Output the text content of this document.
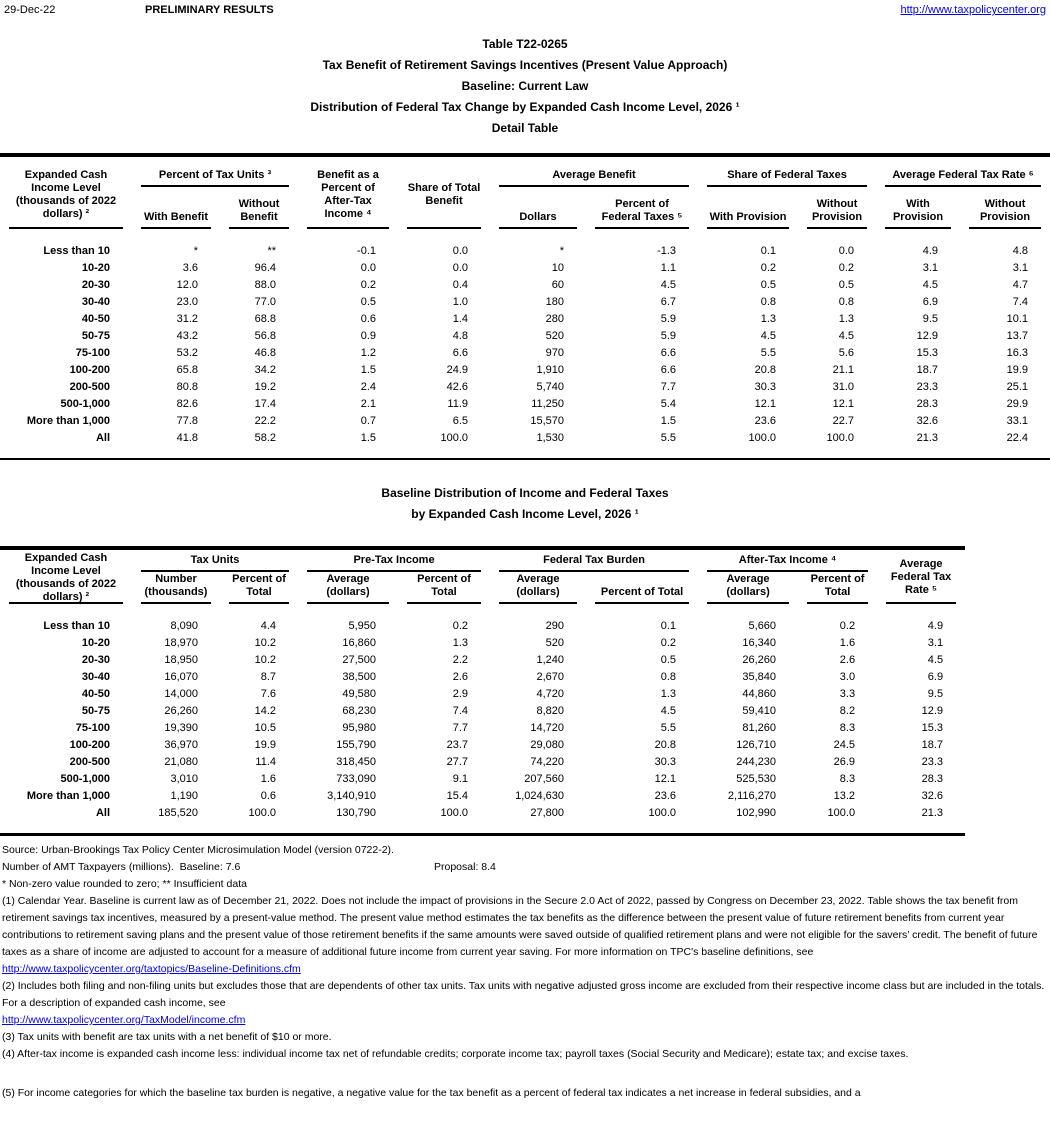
29-Dec-22	PRELIMINARY RESULTS	http://www.taxpolicycenter.org
Table T22-0265
Tax Benefit of Retirement Savings Incentives (Present Value Approach)
Baseline: Current Law
Distribution of Federal Tax Change by Expanded Cash Income Level, 2026 ¹
Detail Table
Expanded Cash Income Level (thousands of 2022 dollars) ²	Percent of Tax Units ³		Benefit as a Percent of After-Tax Income ⁴	Share of Total Benefit	Average Benefit		Share of Federal Taxes		Average Federal Tax Rate ⁶	

	With Benefit	Without Benefit			Dollars	Percent of Federal Taxes ⁵	With Provision	Without Provision	With Provision	Without Provision

Less than 10	*	**	-0.1	0.0	*	-1.3	0.1	0.0	4.9	4.8
10-20	3.6	96.4	0.0	0.0	10	1.1	0.2	0.2	3.1	3.1
20-30	12.0	88.0	0.2	0.4	60	4.5	0.5	0.5	4.5	4.7
30-40	23.0	77.0	0.5	1.0	180	6.7	0.8	0.8	6.9	7.4
40-50	31.2	68.8	0.6	1.4	280	5.9	1.3	1.3	9.5	10.1
50-75	43.2	56.8	0.9	4.8	520	5.9	4.5	4.5	12.9	13.7
75-100	53.2	46.8	1.2	6.6	970	6.6	5.5	5.6	15.3	16.3
100-200	65.8	34.2	1.5	24.9	1,910	6.6	20.8	21.1	18.7	19.9
200-500	80.8	19.2	2.4	42.6	5,740	7.7	30.3	31.0	23.3	25.1
500-1,000	82.6	17.4	2.1	11.9	11,250	5.4	12.1	12.1	28.3	29.9
More than 1,000	77.8	22.2	0.7	6.5	15,570	1.5	23.6	22.7	32.6	33.1
All	41.8	58.2	1.5	100.0	1,530	5.5	100.0	100.0	21.3	22.4
Baseline Distribution of Income and Federal Taxes
by Expanded Cash Income Level, 2026 ¹
Expanded Cash Income Level (thousands of 2022 dollars) ²	Tax Units		Pre-Tax Income		Federal Tax Burden		After-Tax Income ⁴		Average Federal Tax Rate ⁵

	Number (thousands)	Percent of Total	Average (dollars)	Percent of Total	Average (dollars)	Percent of Total	Average (dollars)	Percent of Total	

Less than 10	8,090	4.4	5,950	0.2	290	0.1	5,660	0.2	4.9
10-20	18,970	10.2	16,860	1.3	520	0.2	16,340	1.6	3.1
20-30	18,950	10.2	27,500	2.2	1,240	0.5	26,260	2.6	4.5
30-40	16,070	8.7	38,500	2.6	2,670	0.8	35,840	3.0	6.9
40-50	14,000	7.6	49,580	2.9	4,720	1.3	44,860	3.3	9.5
50-75	26,260	14.2	68,230	7.4	8,820	4.5	59,410	8.2	12.9
75-100	19,390	10.5	95,980	7.7	14,720	5.5	81,260	8.3	15.3
100-200	36,970	19.9	155,790	23.7	29,080	20.8	126,710	24.5	18.7
200-500	21,080	11.4	318,450	27.7	74,220	30.3	244,230	26.9	23.3
500-1,000	3,010	1.6	733,090	9.1	207,560	12.1	525,530	8.3	28.3
More than 1,000	1,190	0.6	3,140,910	15.4	1,024,630	23.6	2,116,270	13.2	32.6
All	185,520	100.0	130,790	100.0	27,800	100.0	102,990	100.0	21.3

Source: Urban-Brookings Tax Policy Center Microsimulation Model (version 0722-2).

Number of AMT Taxpayers (millions).  Baseline: 7.6	Proposal: 8.4

* Non-zero value rounded to zero; ** Insufficient data

(1) Calendar Year. Baseline is current law as of December 21, 2022. Does not include the impact of provisions in the Secure 2.0 Act of 2022, passed by Congress on December 23, 2022. Table shows the tax benefit from retirement savings tax incentives, measured by a present-value method. The present value method estimates the tax benefits as the difference between the present value of future retirement benefits from current year contributions to retirement saving plans and the present value of those retirement benefits if the same amounts were saved outside of qualified retirement plans and were not eligible for the savers’ credit. The benefit of future taxes as a share of income are adjusted to account for a measure of additional future income from current year saving. For more information on TPC's baseline definitions, see

http://www.taxpolicycenter.org/taxtopics/Baseline-Definitions.cfm

(2) Includes both filing and non-filing units but excludes those that are dependents of other tax units. Tax units with negative adjusted gross income are excluded from their respective income class but are included in the totals. For a description of expanded cash income, see

http://www.taxpolicycenter.org/TaxModel/income.cfm

(3) Tax units with benefit are tax units with a net benefit of $10 or more.

(4) After-tax income is expanded cash income less: individual income tax net of refundable credits; corporate income tax; payroll taxes (Social Security and Medicare); estate tax; and excise taxes.

(5) For income categories for which the baseline tax burden is negative, a negative value for the tax benefit as a percent of federal tax indicates a net increase in federal subsidies, and a
